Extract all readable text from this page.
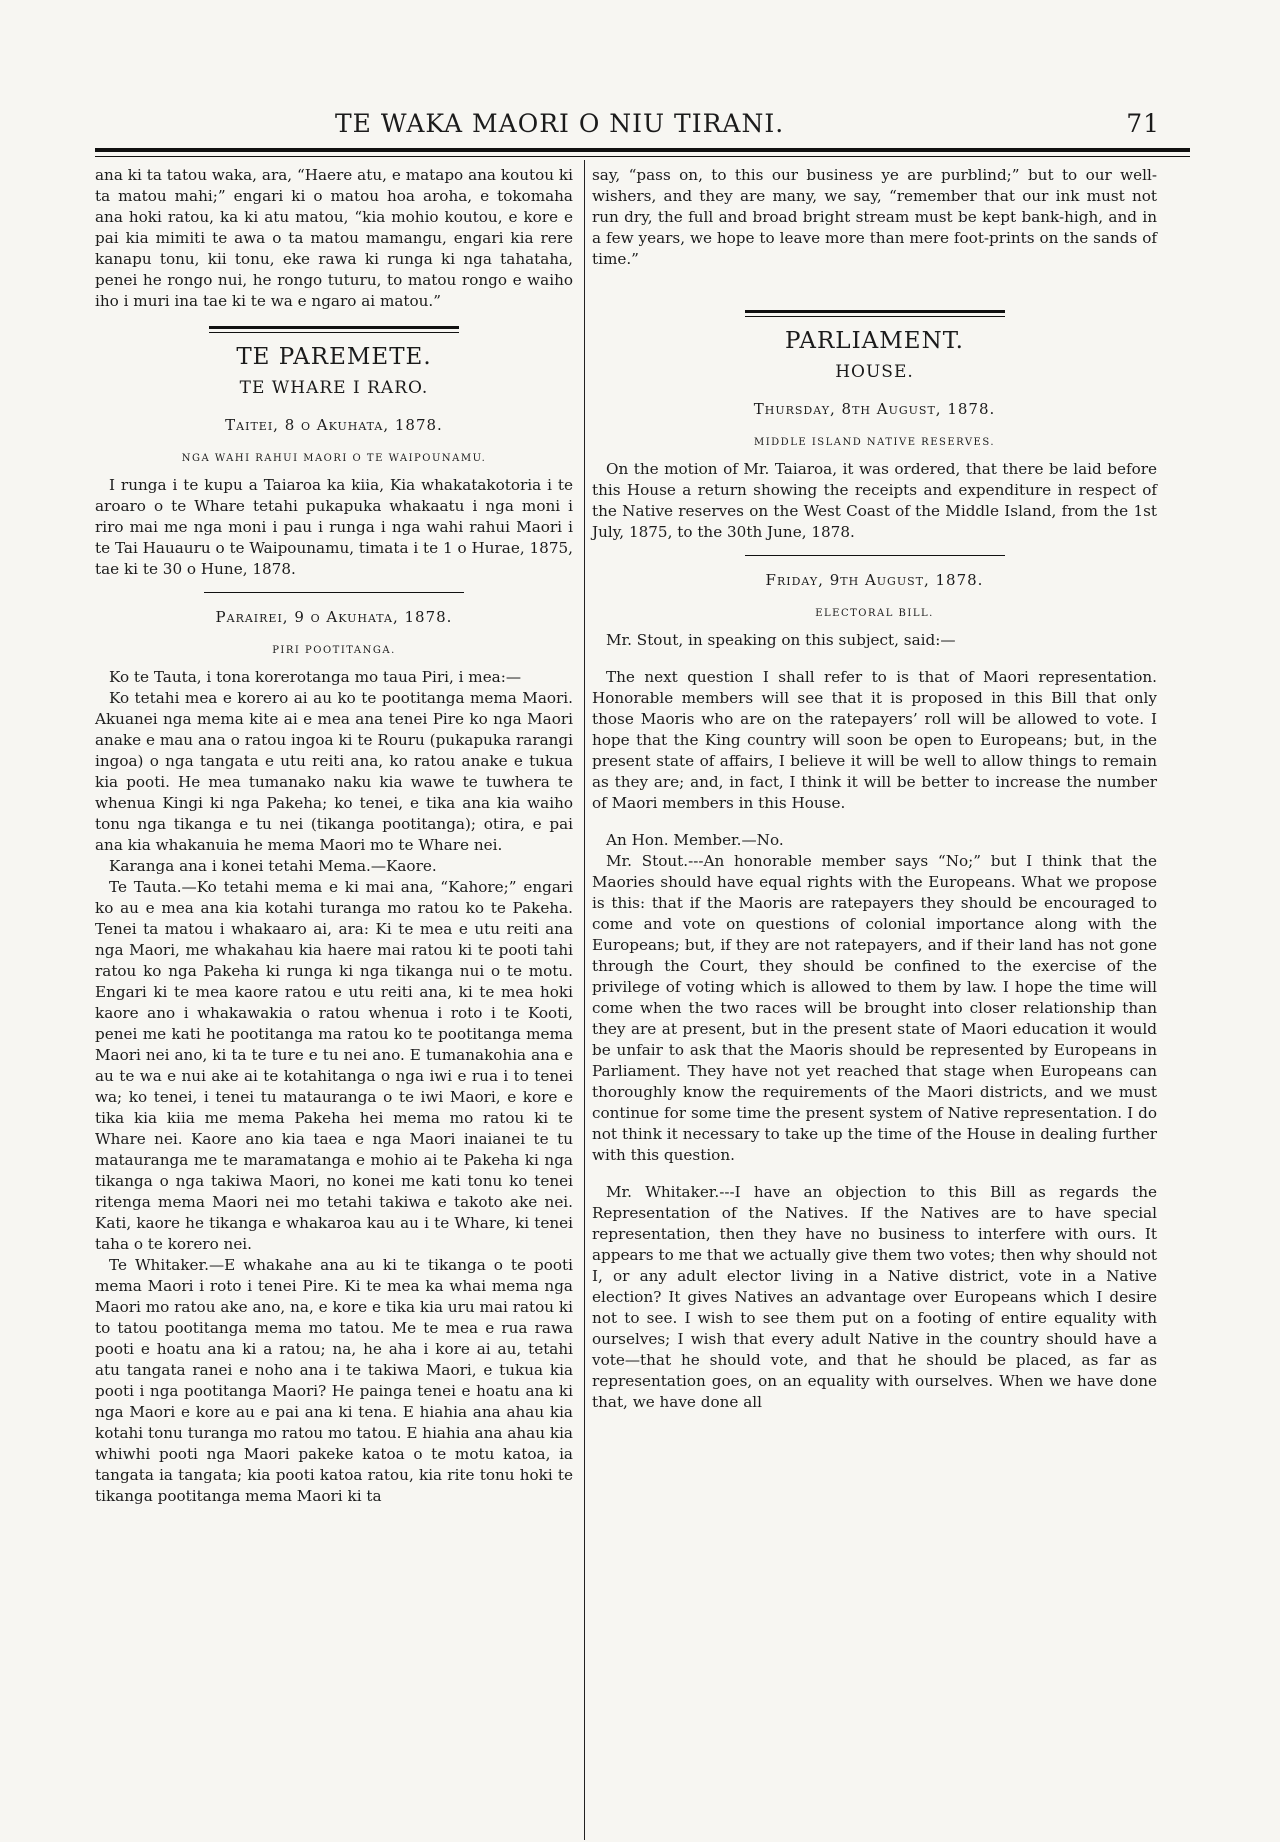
TE WAKA MAORI O NIU TIRANI.	71

ana ki ta tatou waka, ara, “Haere atu, e matapo ana koutou ki ta matou mahi;” engari ki o matou hoa aroha, e tokomaha ana hoki ratou, ka ki atu matou, “kia mohio koutou, e kore e pai kia mimiti te awa o ta matou mamangu, engari kia rere kanapu tonu, kii tonu, eke rawa ki runga ki nga tahataha, penei he rongo nui, he rongo tuturu, to matou rongo e waiho iho i muri ina tae ki te wa e ngaro ai matou.”

TE PAREMETE.
TE WHARE I RARO.
Taitei, 8 o Akuhata, 1878.
NGA WAHI RAHUI MAORI O TE WAIPOUNAMU.

I runga i te kupu a Taiaroa ka kiia, Kia whakatakotoria i te aroaro o te Whare tetahi pukapuka whakaatu i nga moni i riro mai me nga moni i pau i runga i nga wahi rahui Maori i te Tai Hauauru o te Waipounamu, timata i te 1 o Hurae, 1875, tae ki te 30 o Hune, 1878.

Parairei, 9 o Akuhata, 1878.
PIRI POOTITANGA.

Ko te Tauta, i tona korerotanga mo taua Piri, i mea:—

Ko tetahi mea e korero ai au ko te pootitanga mema Maori. Akuanei nga mema kite ai e mea ana tenei Pire ko nga Maori anake e mau ana o ratou ingoa ki te Rouru (pukapuka rarangi ingoa) o nga tangata e utu reiti ana, ko ratou anake e tukua kia pooti. He mea tumanako naku kia wawe te tuwhera te whenua Kingi ki nga Pakeha; ko tenei, e tika ana kia waiho tonu nga tikanga e tu nei (tikanga pootitanga); otira, e pai ana kia whakanuia he mema Maori mo te Whare nei.

Karanga ana i konei tetahi Mema.—Kaore.

Te Tauta.—Ko tetahi mema e ki mai ana, “Kahore;” engari ko au e mea ana kia kotahi turanga mo ratou ko te Pakeha. Tenei ta matou i whakaaro ai, ara: Ki te mea e utu reiti ana nga Maori, me whakahau kia haere mai ratou ki te pooti tahi ratou ko nga Pakeha ki runga ki nga tikanga nui o te motu. Engari ki te mea kaore ratou e utu reiti ana, ki te mea hoki kaore ano i whakawakia o ratou whenua i roto i te Kooti, penei me kati he pootitanga ma ratou ko te pootitanga mema Maori nei ano, ki ta te ture e tu nei ano. E tumanakohia ana e au te wa e nui ake ai te kotahitanga o nga iwi e rua i to tenei wa; ko tenei, i tenei tu matauranga o te iwi Maori, e kore e tika kia kiia me mema Pakeha hei mema mo ratou ki te Whare nei. Kaore ano kia taea e nga Maori inaianei te tu matauranga me te maramatanga e mohio ai te Pakeha ki nga tikanga o nga takiwa Maori, no konei me kati tonu ko tenei ritenga mema Maori nei mo tetahi takiwa e takoto ake nei. Kati, kaore he tikanga e whakaroa kau au i te Whare, ki tenei taha o te korero nei.

Te Whitaker.—E whakahe ana au ki te tikanga o te pooti mema Maori i roto i tenei Pire. Ki te mea ka whai mema nga Maori mo ratou ake ano, na, e kore e tika kia uru mai ratou ki to tatou pootitanga mema mo tatou. Me te mea e rua rawa pooti e hoatu ana ki a ratou; na, he aha i kore ai au, tetahi atu tangata ranei e noho ana i te takiwa Maori, e tukua kia pooti i nga pootitanga Maori? He painga tenei e hoatu ana ki nga Maori e kore au e pai ana ki tena. E hiahia ana ahau kia kotahi tonu turanga mo ratou mo tatou. E hiahia ana ahau kia whiwhi pooti nga Maori pakeke katoa o te motu katoa, ia tangata ia tangata; kia pooti katoa ratou, kia rite tonu hoki te tikanga pootitanga mema Maori ki ta

say, “pass on, to this our business ye are purblind;” but to our well-wishers, and they are many, we say, “remember that our ink must not run dry, the full and broad bright stream must be kept bank-high, and in a few years, we hope to leave more than mere foot-prints on the sands of time.”

PARLIAMENT.
HOUSE.
Thursday, 8th August, 1878.
MIDDLE ISLAND NATIVE RESERVES.

On the motion of Mr. Taiaroa, it was ordered, that there be laid before this House a return showing the receipts and expenditure in respect of the Native reserves on the West Coast of the Middle Island, from the 1st July, 1875, to the 30th June, 1878.

Friday, 9th August, 1878.
ELECTORAL BILL.

Mr. Stout, in speaking on this subject, said:—

The next question I shall refer to is that of Maori representation. Honorable members will see that it is proposed in this Bill that only those Maoris who are on the ratepayers’ roll will be allowed to vote. I hope that the King country will soon be open to Europeans; but, in the present state of affairs, I believe it will be well to allow things to remain as they are; and, in fact, I think it will be better to increase the number of Maori members in this House.

An Hon. Member.—No.

Mr. Stout.---An honorable member says “No;” but I think that the Maories should have equal rights with the Europeans. What we propose is this: that if the Maoris are ratepayers they should be encouraged to come and vote on questions of colonial importance along with the Europeans; but, if they are not ratepayers, and if their land has not gone through the Court, they should be confined to the exercise of the privilege of voting which is allowed to them by law. I hope the time will come when the two races will be brought into closer relationship than they are at present, but in the present state of Maori education it would be unfair to ask that the Maoris should be represented by Europeans in Parliament. They have not yet reached that stage when Europeans can thoroughly know the requirements of the Maori districts, and we must continue for some time the present system of Native representation. I do not think it necessary to take up the time of the House in dealing further with this question.

Mr. Whitaker.---I have an objection to this Bill as regards the Representation of the Natives. If the Natives are to have special representation, then they have no business to interfere with ours. It appears to me that we actually give them two votes; then why should not I, or any adult elector living in a Native district, vote in a Native election? It gives Natives an advantage over Europeans which I desire not to see. I wish to see them put on a footing of entire equality with ourselves; I wish that every adult Native in the country should have a vote—that he should vote, and that he should be placed, as far as representation goes, on an equality with ourselves. When we have done that, we have done all
